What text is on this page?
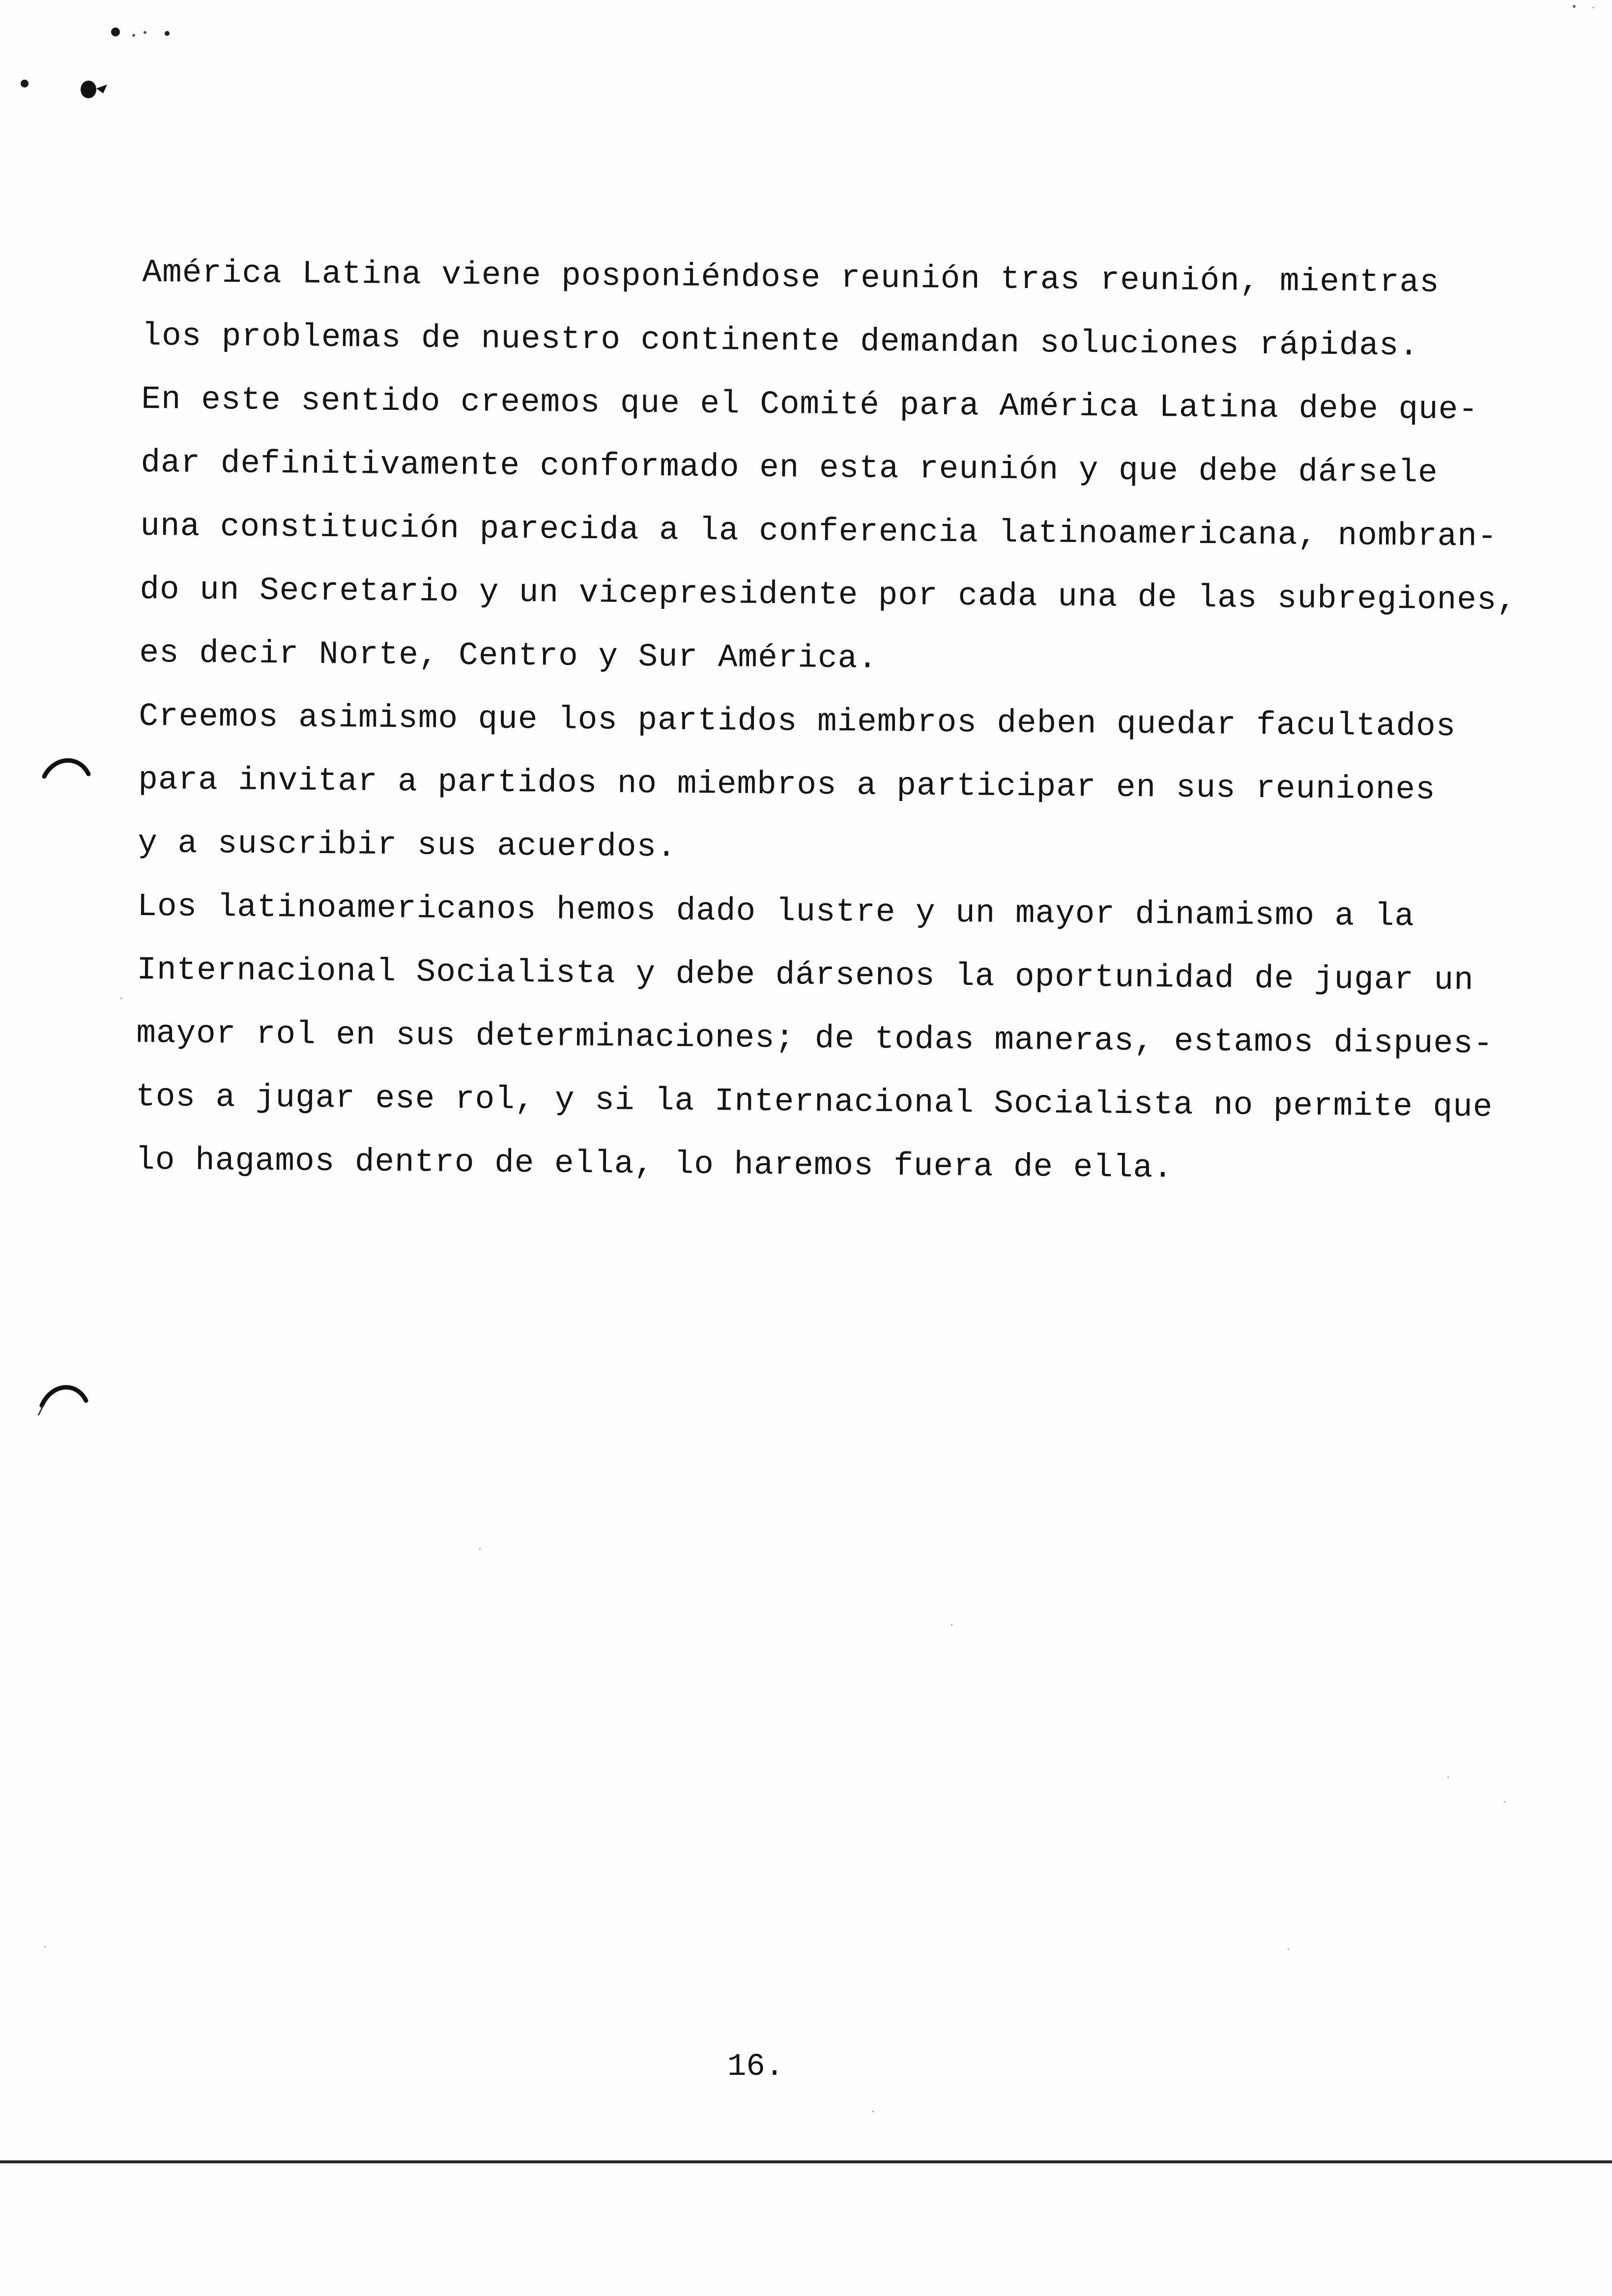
América Latina viene posponiéndose reunión tras reunión, mientras
los problemas de nuestro continente demandan soluciones rápidas.
En este sentido creemos que el Comité para América Latina debe que-
dar definitivamente conformado en esta reunión y que debe dársele
una constitución parecida a la conferencia latinoamericana, nombran-
do un Secretario y un vicepresidente por cada una de las subregiones,
es decir Norte, Centro y Sur América.
Creemos asimismo que los partidos miembros deben quedar facultados
para invitar a partidos no miembros a participar en sus reuniones
y a suscribir sus acuerdos.
Los latinoamericanos hemos dado lustre y un mayor dinamismo a la
Internacional Socialista y debe dársenos la oportunidad de jugar un
mayor rol en sus determinaciones; de todas maneras, estamos dispues-
tos a jugar ese rol, y si la Internacional Socialista no permite que
lo hagamos dentro de ella, lo haremos fuera de ella.
16.
